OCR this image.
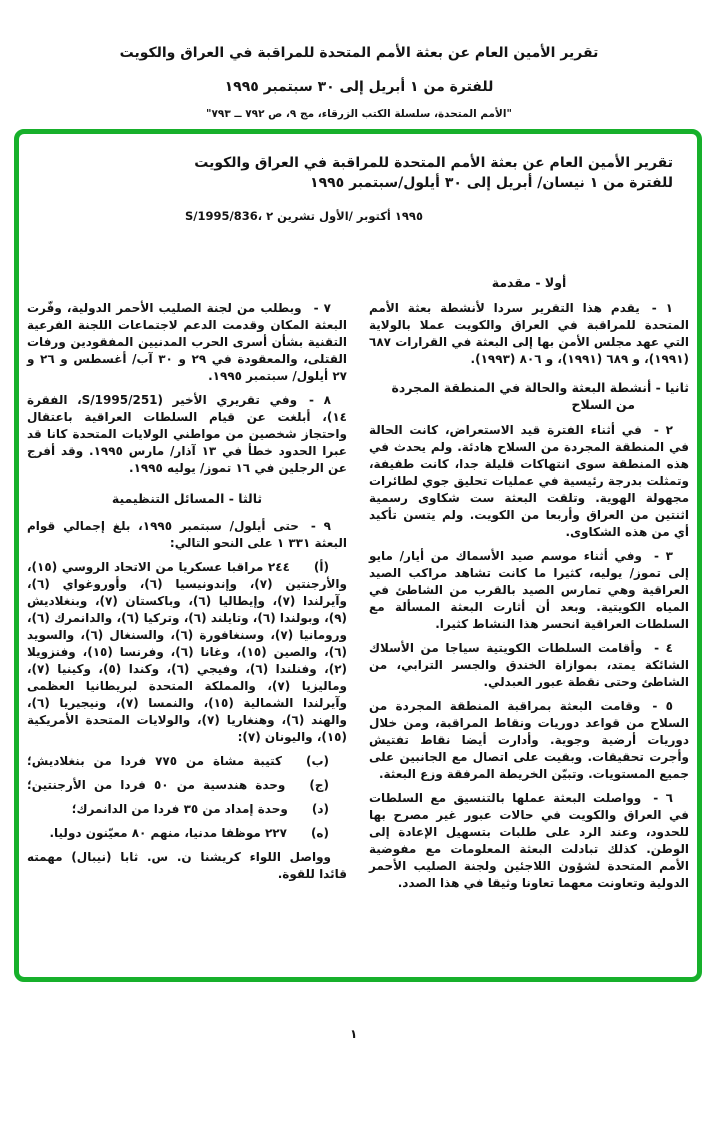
تقرير الأمين العام عن بعثة الأمم المتحدة للمراقبة في العراق والكويت
للفترة من ١ أبريل إلى ٣٠ سبتمبر ١٩٩٥
"الأمم المتحدة، سلسلة الكتب الزرقاء، مج ٩، ص ٧٩٢ ــ ٧٩٣"
تقرير الأمين العام عن بعثة الأمم المتحدة للمراقبة في العراق والكويت
للفترة من ١ نيسان/ أبريل إلى ٣٠ أيلول/سبتمبر ١٩٩٥
S/1995/836، ٢ تشرين الأول/ أكتوبر ١٩٩٥
أولا - مقدمة

١ -يقدم هذا التقرير سردا لأنشطة بعثة الأمم المتحدة للمراقبة في العراق والكويت عملا بالولاية التي عهد مجلس الأمن بها إلى البعثة في القرارات ٦٨٧ (١٩٩١)، و ٦٨٩ (١٩٩١)، و ٨٠٦ (١٩٩٣).

ثانيا - أنشطة البعثة والحالة في المنطقة المجردة من السلاح

٢ -في أثناء الفترة قيد الاستعراض، كانت الحالة في المنطقة المجردة من السلاح هادئة. ولم يحدث في هذه المنطقة سوى انتهاكات قليلة جدا، كانت طفيفة، وتمثلت بدرجة رئيسية في عمليات تحليق جوي لطائرات مجهولة الهوية. وتلقت البعثة ست شكاوى رسمية اثنتين من العراق وأربعا من الكويت. ولم يتسن تأكيد أي من هذه الشكاوى.

٣ -وفي أثناء موسم صيد الأسماك من أيار/ مايو إلى تموز/ يوليه، كثيرا ما كانت تشاهد مراكب الصيد العراقية وهي تمارس الصيد بالقرب من الشاطئ في المياه الكويتية. وبعد أن أثارت البعثة المسألة مع السلطات العراقية انحسر هذا النشاط كثيرا.

٤ -وأقامت السلطات الكويتية سياجا من الأسلاك الشائكة يمتد، بموازاة الخندق والجسر الترابي، من الشاطئ وحتى نقطة عبور العبدلي.

٥ -وقامت البعثة بمراقبة المنطقة المجردة من السلاح من قواعد دوريات ونقاط المراقبة، ومن خلال دوريات أرضية وجوية. وأدارت أيضا نقاط تفتيش وأجرت تحقيقات. وبقيت على اتصال مع الجانبين على جميع المستويات. وتبيّن الخريطة المرفقة وزع البعثة.

٦ -وواصلت البعثة عملها بالتنسيق مع السلطات في العراق والكويت في حالات عبور غير مصرح بها للحدود، وعند الرد على طلبات بتسهيل الإعادة إلى الوطن. كذلك تبادلت البعثة المعلومات مع مفوضية الأمم المتحدة لشؤون اللاجئين ولجنة الصليب الأحمر الدولية وتعاونت معهما تعاونا وثيقا في هذا الصدد.

٧ -وبطلب من لجنة الصليب الأحمر الدولية، وفّرت البعثة المكان وقدمت الدعم لاجتماعات اللجنة الفرعية التقنية بشأن أسرى الحرب المدنيين المفقودين ورفات القتلى، والمعقودة في ٢٩ و ٣٠ آب/ أغسطس و ٢٦ و ٢٧ أيلول/ سبتمبر ١٩٩٥.

٨ -وفي تقريري الأخير (S/1995/251، الفقرة ١٤)، أبلغت عن قيام السلطات العراقية باعتقال واحتجاز شخصين من مواطني الولايات المتحدة كانا قد عبرا الحدود خطأ في ١٣ آذار/ مارس ١٩٩٥. وقد أفرج عن الرجلين في ١٦ تموز/ يوليه ١٩٩٥.

ثالثا - المسائل التنظيمية

٩ -حتى أيلول/ سبتمبر ١٩٩٥، بلغ إجمالي قوام البعثة ١ ٣٣١ على النحو التالي:

(أ)٢٤٤ مراقبا عسكريا من الاتحاد الروسي (١٥)، والأرجنتين (٧)، وإندونيسيا (٦)، وأوروغواي (٦)، وآيرلندا (٧)، وإيطاليا (٦)، وباكستان (٧)، وبنغلاديش (٩)، وبولندا (٦)، وتايلند (٦)، وتركيا (٦)، والدانمرك (٦)، ورومانيا (٧)، وسنغافورة (٦)، والسنغال (٦)، والسويد (٦)، والصين (١٥)، وغانا (٦)، وفرنسا (١٥)، وفنزويلا (٢)، وفنلندا (٦)، وفيجي (٦)، وكندا (٥)، وكينيا (٧)، وماليزيا (٧)، والمملكة المتحدة لبريطانيا العظمى وآيرلندا الشمالية (١٥)، والنمسا (٧)، ونيجيريا (٦)، والهند (٦)، وهنغاريا (٧)، والولايات المتحدة الأمريكية (١٥)، واليونان (٧):

(ب)كتيبة مشاة من ٧٧٥ فردا من بنغلاديش؛

(ج)وحدة هندسية من ٥٠ فردا من الأرجنتين؛

(د)وحدة إمداد من ٣٥ فردا من الدانمرك؛

(ه)٢٢٧ موظفا مدنيا، منهم ٨٠ معيّنون دوليا.

وواصل اللواء كريشنا ن. س. ثابا (نيبال) مهمته قائدا للقوة.

١
